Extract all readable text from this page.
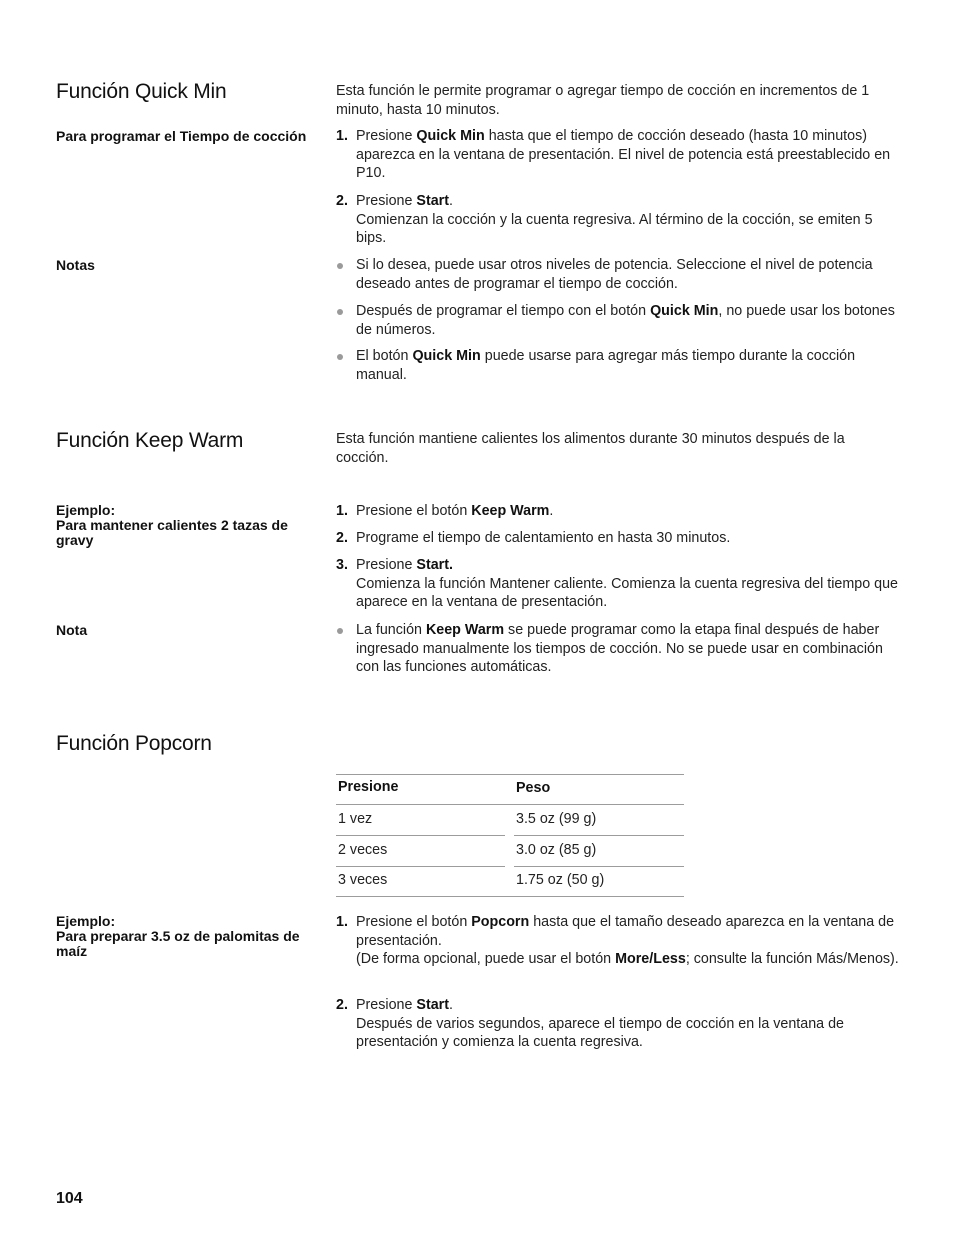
Función Quick Min	Esta función le permite programar o agregar tiempo de cocción en incrementos de 1 minuto, hasta 10 minutos.
Para programar el Tiempo de cocción 1. Presione Quick Min hasta que el tiempo de cocción deseado (hasta 10 minutos) aparezca en la ventana de presentación. El nivel de potencia está preestablecido en P10.
2. Presione Start.
Comienzan la cocción y la cuenta regresiva. Al término de la cocción, se emiten 5 bips.
Notas	Si lo desea, puede usar otros niveles de potencia. Seleccione el nivel de potencia deseado antes de programar el tiempo de cocción.
Después de programar el tiempo con el botón Quick Min, no puede usar los botones de números.
El botón Quick Min puede usarse para agregar más tiempo durante la cocción manual.
Función Keep Warm	Esta función mantiene calientes los alimentos durante 30 minutos después de la cocción.
Ejemplo:
Para mantener calientes 2 tazas de gravy
1. Presione el botón Keep Warm.
2. Programe el tiempo de calentamiento en hasta 30 minutos.
3. Presione Start.
Comienza la función Mantener caliente. Comienza la cuenta regresiva del tiempo que aparece en la ventana de presentación.
Nota	La función Keep Warm se puede programar como la etapa final después de haber ingresado manualmente los tiempos de cocción. No se puede usar en combinación con las funciones automáticas.
Función Popcorn
Presione	Peso
1 vez	3.5 oz (99 g)
2 veces	3.0 oz (85 g)
3 veces	1.75 oz (50 g)
Ejemplo:
Para preparar 3.5 oz de palomitas de maíz
1. Presione el botón Popcorn hasta que el tamaño deseado aparezca en la ventana de presentación.
(De forma opcional, puede usar el botón More/Less; consulte la función Más/Menos).
2. Presione Start.
Después de varios segundos, aparece el tiempo de cocción en la ventana de presentación y comienza la cuenta regresiva.
104
